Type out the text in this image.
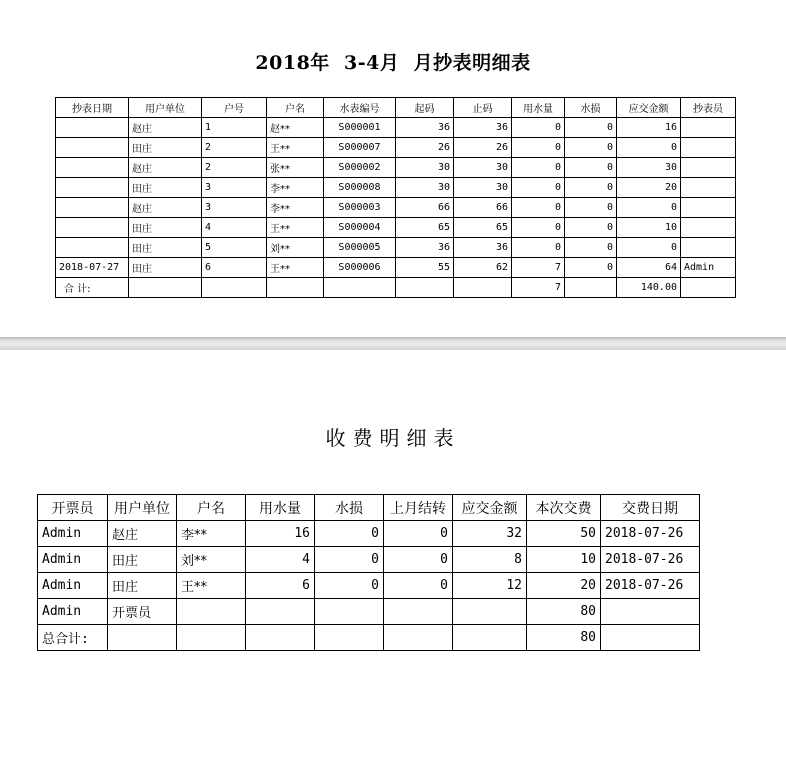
2018年  3-4月  月抄表明细表
抄表日期	用户单位	户号	户名	水表编号	起码	止码	用水量	水损	应交金额	抄表员
	赵庄	1	赵**	S000001	36	36	0	0	16	
	田庄	2	王**	S000007	26	26	0	0	0	
	赵庄	2	张**	S000002	30	30	0	0	30	
	田庄	3	李**	S000008	30	30	0	0	20	
	赵庄	3	李**	S000003	66	66	0	0	0	
	田庄	4	王**	S000004	65	65	0	0	10	
	田庄	5	刘**	S000005	36	36	0	0	0	
2018-07-27	田庄	6	王**	S000006	55	62	7	0	64	Admin
合 计:							7		140.00	
收费明细表
开票员	用户单位	户名	用水量	水损	上月结转	应交金额	本次交费	交费日期
Admin	赵庄	李**	16	0	0	32	50	2018-07-26
Admin	田庄	刘**	4	0	0	8	10	2018-07-26
Admin	田庄	王**	6	0	0	12	20	2018-07-26
Admin	开票员						80	
总合计:							80	
